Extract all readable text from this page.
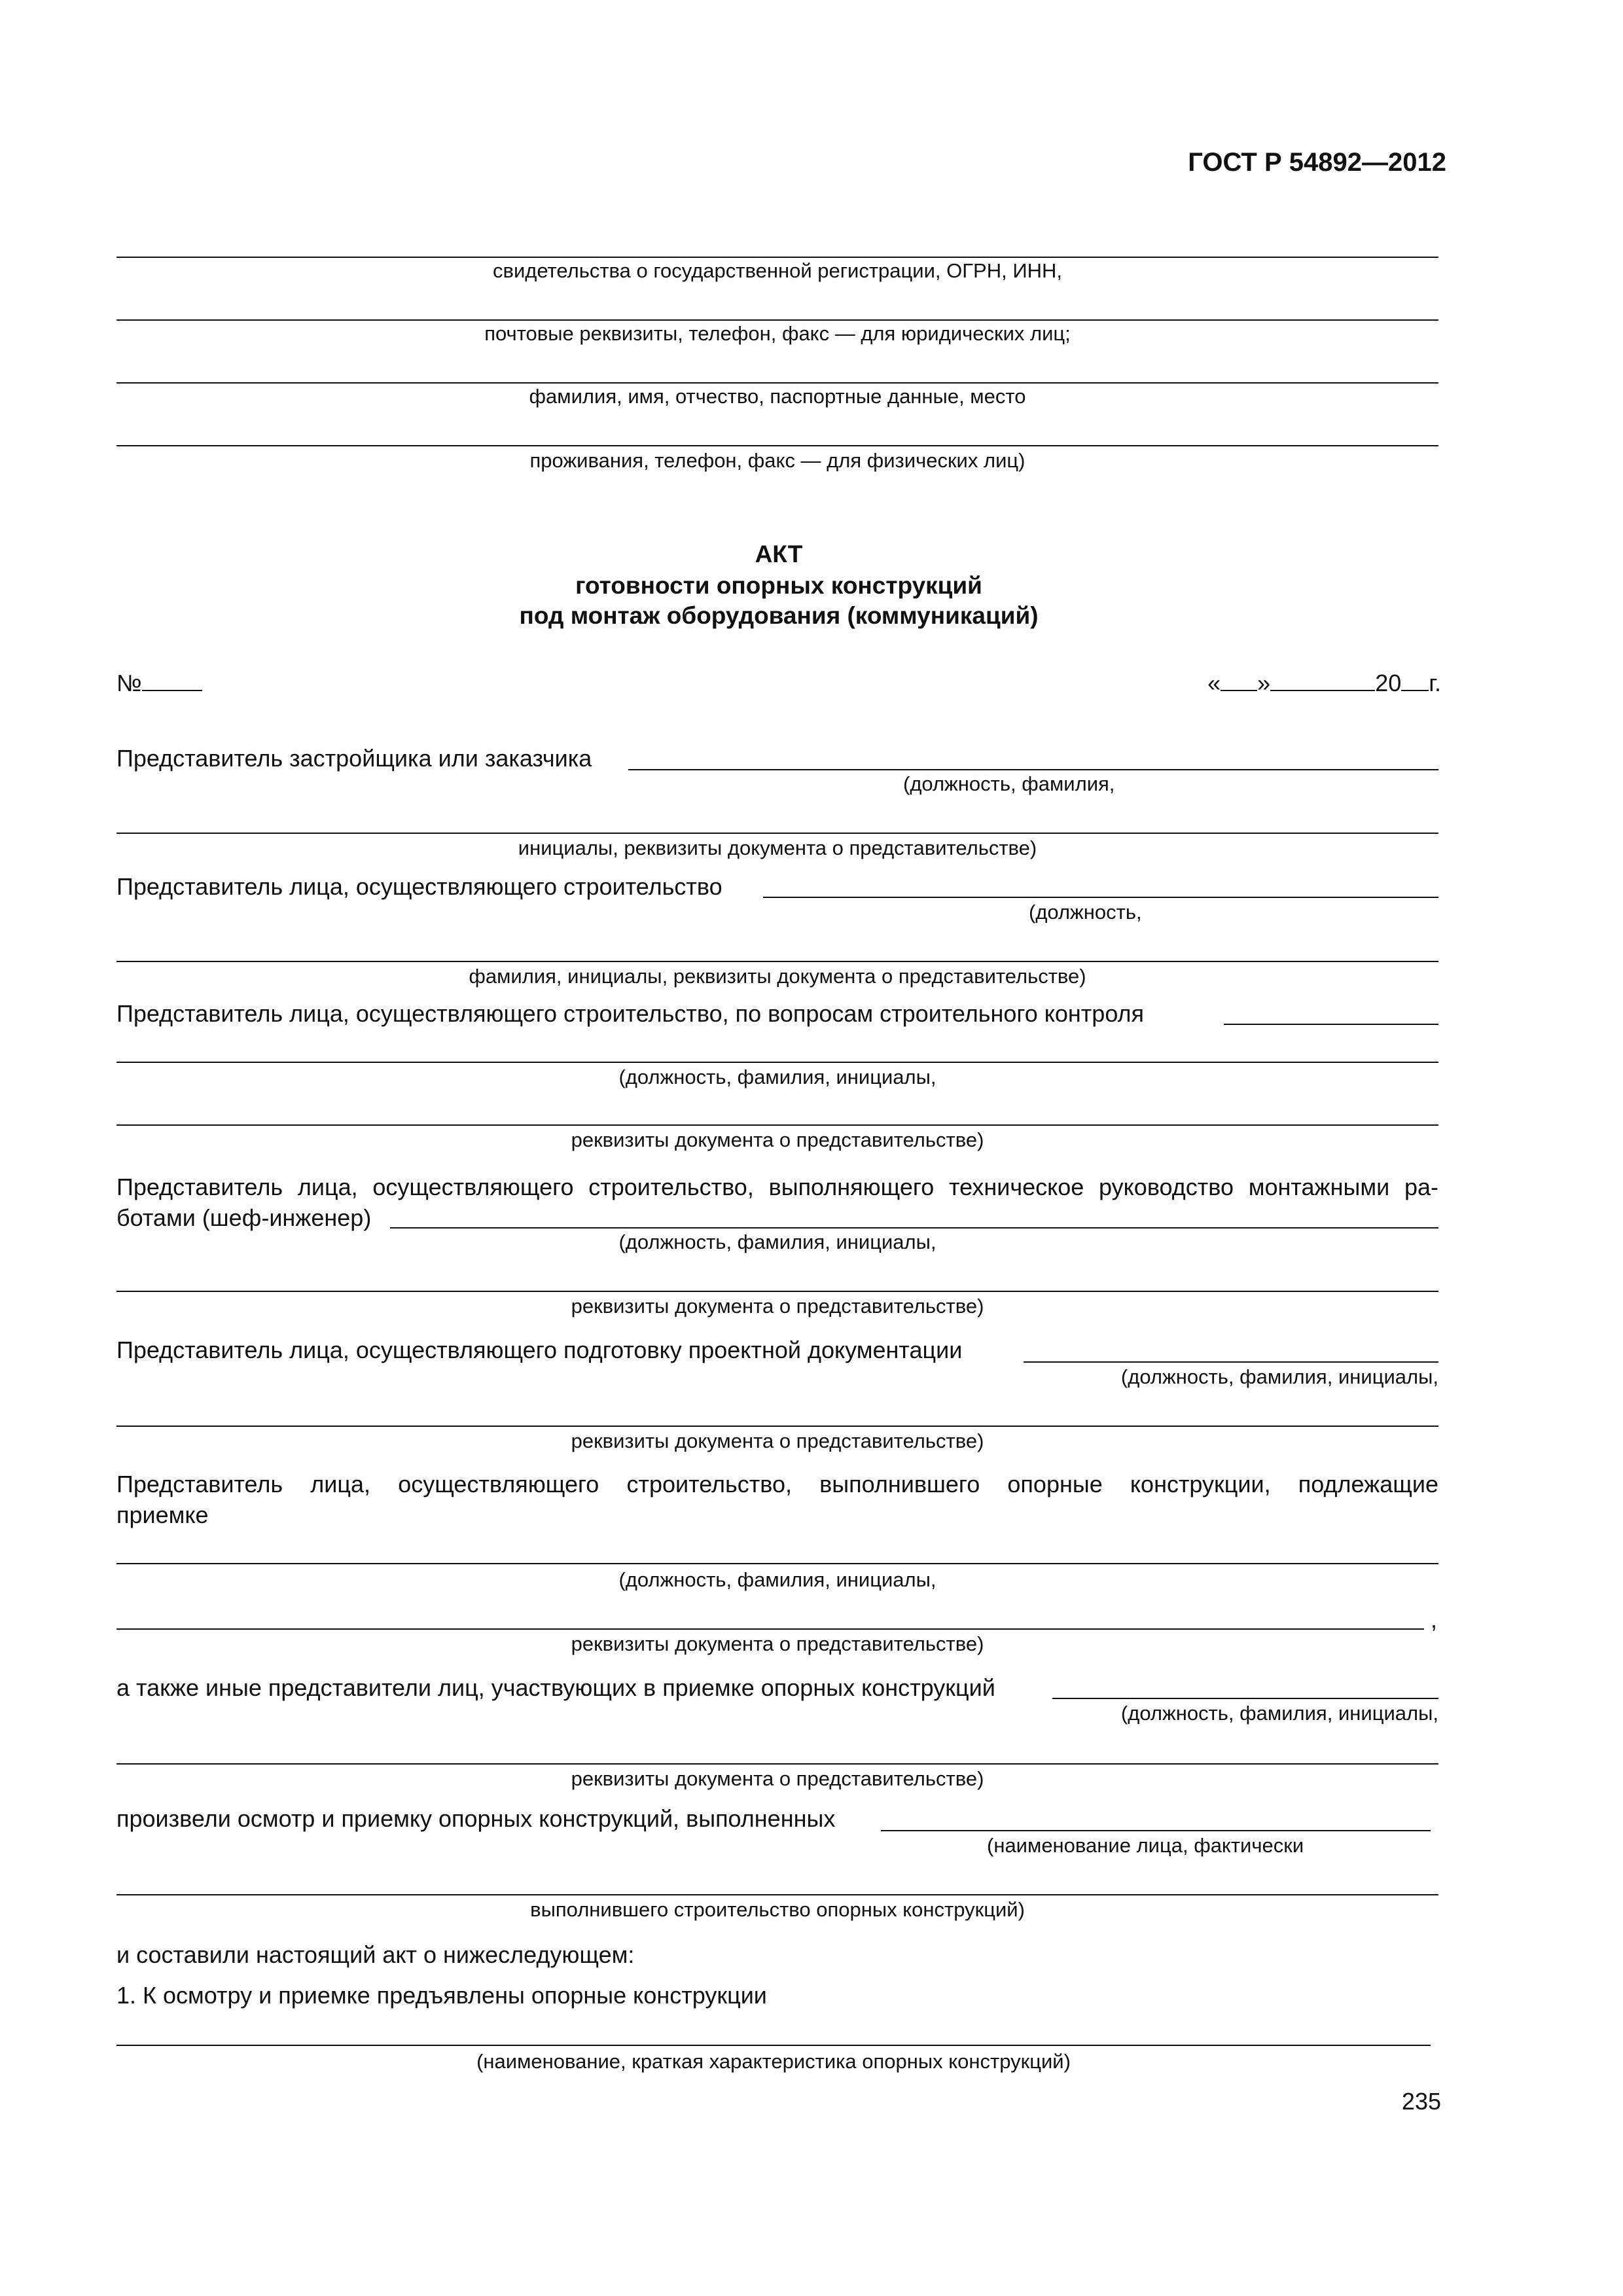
ГОСТ Р 54892—2012
свидетельства о государственной регистрации, ОГРН, ИНН,
почтовые реквизиты, телефон, факс — для юридических лиц;
фамилия, имя, отчество, паспортные данные, место
проживания, телефон, факс — для физических лиц)
АКТ
готовности опорных конструкций
под монтаж оборудования (коммуникаций)
№	« »	20 г.
Представитель застройщика или заказчика
(должность, фамилия,
инициалы, реквизиты документа о представительстве)
Представитель лица, осуществляющего строительство
(должность,
фамилия, инициалы, реквизиты документа о представительстве)
Представитель лица, осуществляющего строительство, по вопросам строительного контроля
(должность, фамилия, инициалы,
реквизиты документа о представительстве)
Представитель лица, осуществляющего строительство, выполняющего техническое руководство монтажными ра-
ботами (шеф-инженер)
(должность, фамилия, инициалы,
реквизиты документа о представительстве)
Представитель лица, осуществляющего подготовку проектной документации
(должность, фамилия, инициалы,
реквизиты документа о представительстве)
Представитель лица, осуществляющего строительство, выполнившего опорные конструкции, подлежащие
приемке
(должность, фамилия, инициалы,
,
реквизиты документа о представительстве)
а также иные представители лиц, участвующих в приемке опорных конструкций
(должность, фамилия, инициалы,
реквизиты документа о представительстве)
произвели осмотр и приемку опорных конструкций, выполненных
(наименование лица, фактически
выполнившего строительство опорных конструкций)
и составили настоящий акт о нижеследующем:
1. К осмотру и приемке предъявлены опорные конструкции
(наименование, краткая характеристика опорных конструкций)
235
